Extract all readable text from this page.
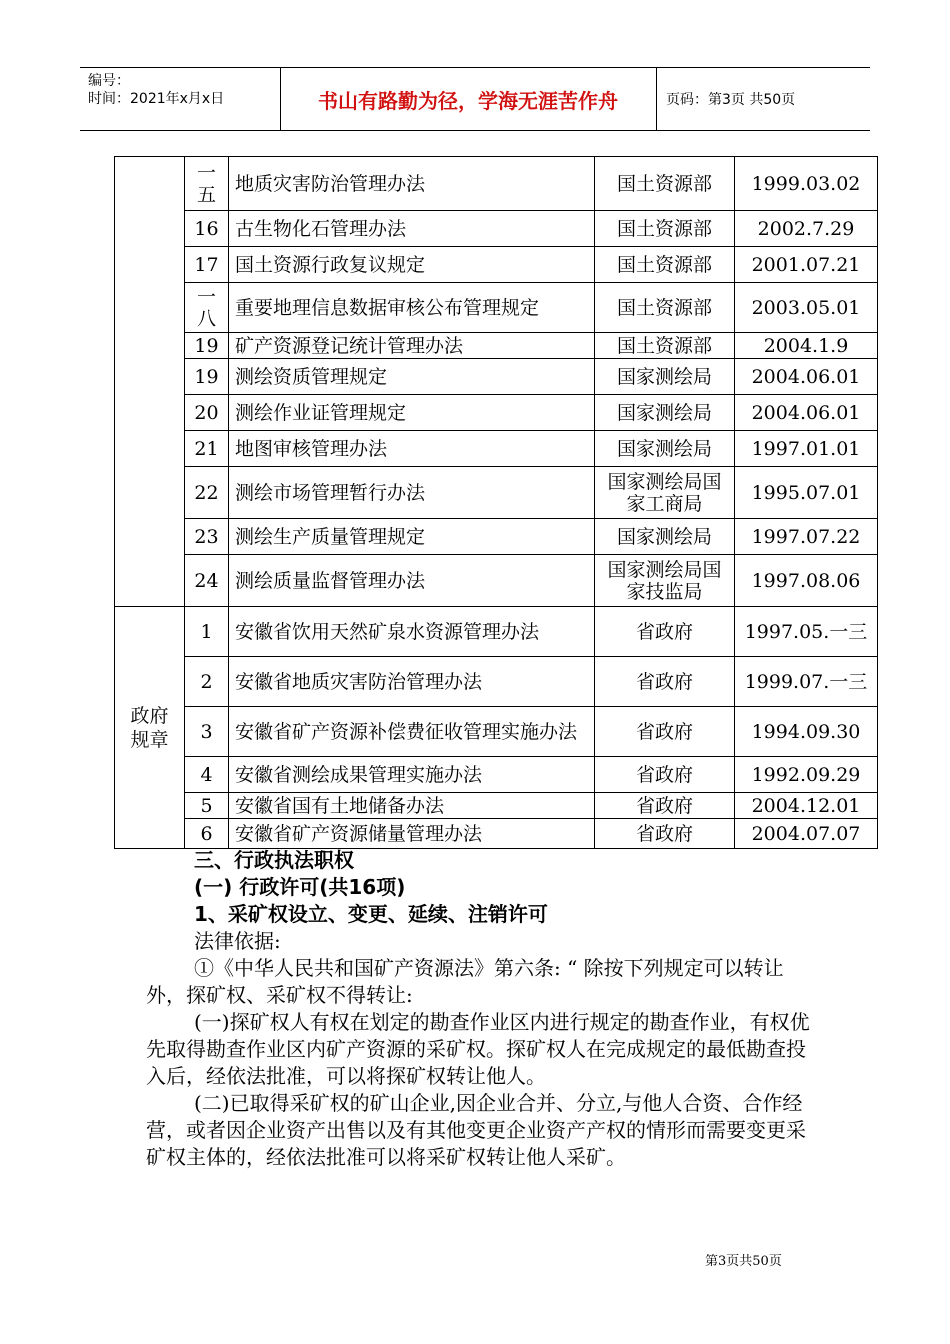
编号：
时间：2021年x月x日	书山有路勤为径，学海无涯苦作舟	页码：第3页 共50页
	一五	地质灾害防治管理办法	国土资源部	1999.03.02
	16	古生物化石管理办法	国土资源部	2002.7.29
	17	国土资源行政复议规定	国土资源部	2001.07.21
	一八	重要地理信息数据审核公布管理规定	国土资源部	2003.05.01
	19	矿产资源登记统计管理办法	国土资源部	2004.1.9
	19	测绘资质管理规定	国家测绘局	2004.06.01
	20	测绘作业证管理规定	国家测绘局	2004.06.01
	21	地图审核管理办法	国家测绘局	1997.01.01
	22	测绘市场管理暂行办法	国家测绘局国家工商局	1995.07.01
	23	测绘生产质量管理规定	国家测绘局	1997.07.22
	24	测绘质量监督管理办法	国家测绘局国家技监局	1997.08.06

政府规章	1	安徽省饮用天然矿泉水资源管理办法	省政府	1997.05.一三
	2	安徽省地质灾害防治管理办法	省政府	1999.07.一三
	3	安徽省矿产资源补偿费征收管理实施办法	省政府	1994.09.30
	4	安徽省测绘成果管理实施办法	省政府	1992.09.29
	5	安徽省国有土地储备办法	省政府	2004.12.01
	6	安徽省矿产资源储量管理办法	省政府	2004.07.07

三、行政执法职权

(一) 行政许可(共16项)

1、采矿权设立、变更、延续、注销许可

法律依据:

①《中华人民共和国矿产资源法》第六条: “ 除按下列规定可以转让外，探矿权、采矿权不得转让:

(一)探矿权人有权在划定的勘查作业区内进行规定的勘查作业，有权优先取得勘查作业区内矿产资源的采矿权。探矿权人在完成规定的最低勘查投入后，经依法批准，可以将探矿权转让他人。

(二)已取得采矿权的矿山企业,因企业合并、分立,与他人合资、合作经营，或者因企业资产出售以及有其他变更企业资产产权的情形而需要变更采矿权主体的，经依法批准可以将采矿权转让他人采矿。

第3页共50页
